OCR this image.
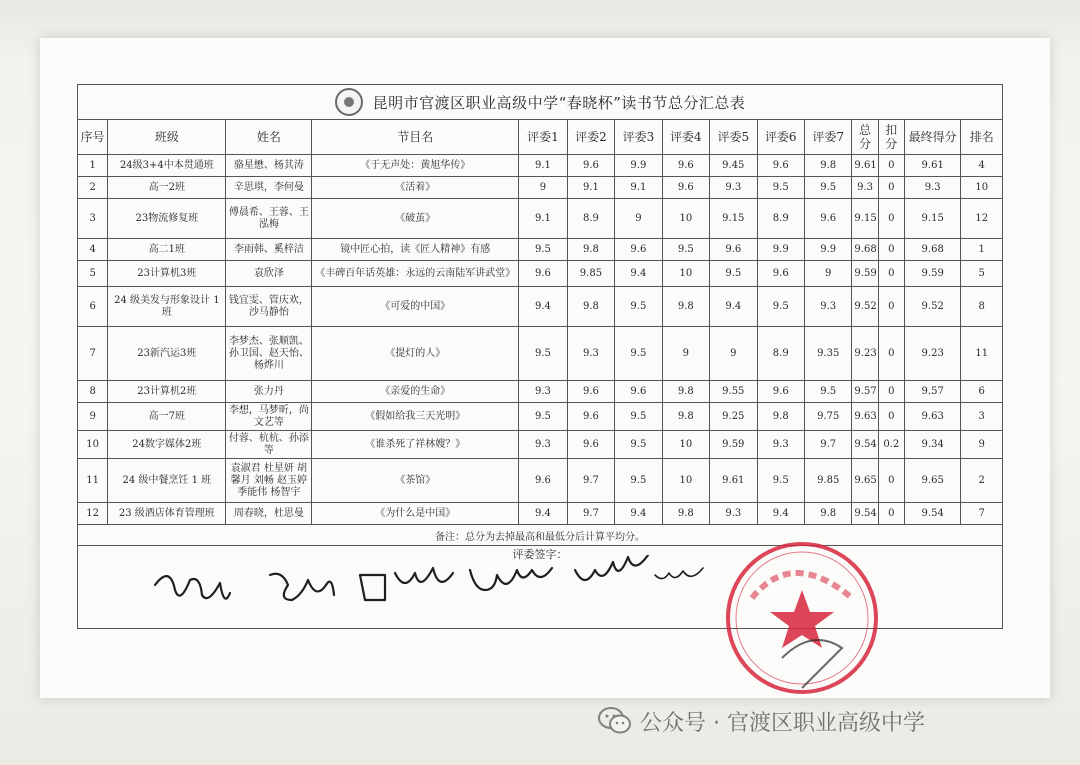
昆明市官渡区职业高级中学“春晓杯”读书节总分汇总表														

序号	班级	姓名	节目名	评委1	评委2	评委3	评委4	评委5	评委6	评委7	总分	扣分	最终得分	排名
1	24级3+4中本贯通班	骆星懋、杨其涛	《于无声处：黄旭华传》	9.1	9.6	9.9	9.6	9.45	9.6	9.8	9.61	0	9.61	4
2	高一2班	辛思琪，李何曼	《活着》	9	9.1	9.1	9.6	9.3	9.5	9.5	9.3	0	9.3	10
3	23物流修复班	傅晨希、王蓉、王泓梅	《破茧》	9.1	8.9	9	10	9.15	8.9	9.6	9.15	0	9.15	12
4	高二1班	李雨韩、奚梓洁	镜中匠心拍，读《匠人精神》有感	9.5	9.8	9.6	9.5	9.6	9.9	9.9	9.68	0	9.68	1
5	23计算机3班	袁欣泽	《丰碑百年话英雄：永远的云南陆军讲武堂》	9.6	9.85	9.4	10	9.5	9.6	9	9.59	0	9.59	5
6	24 级美发与形象设计 1 班	钱宜雯、管庆欢，沙马静怡	《可爱的中国》	9.4	9.8	9.5	9.8	9.4	9.5	9.3	9.52	0	9.52	8
7	23新汽运3班	李梦杰、张顺凯、孙卫国、赵天怡、杨烨川	《提灯的人》	9.5	9.3	9.5	9	9	8.9	9.35	9.23	0	9.23	11
8	23计算机2班	张力丹	《亲爱的生命》	9.3	9.6	9.6	9.8	9.55	9.6	9.5	9.57	0	9.57	6
9	高一7班	李想，马梦昕，尚文艺等	《假如给我三天光明》	9.5	9.6	9.5	9.8	9.25	9.8	9.75	9.63	0	9.63	3
10	24数字媒体2班	付蓉、杭杭、孙添等	《谁杀死了祥林嫂？》	9.3	9.6	9.5	10	9.59	9.3	9.7	9.54	0.2	9.34	9
11	24 级中餐烹饪 1 班	袁淑君 杜星妍 胡馨月 刘畅 赵玉婷 季能伟 杨智宇	《茶馆》	9.6	9.7	9.5	10	9.61	9.5	9.85	9.65	0	9.65	2
12	23 级酒店体育管理班	周春晓，杜思曼	《为什么是中国》	9.4	9.7	9.4	9.8	9.3	9.4	9.8	9.54	0	9.54	7
备注：总分为去掉最高和最低分后计算平均分。														
评委签字：														
公众号 · 官渡区职业高级中学
